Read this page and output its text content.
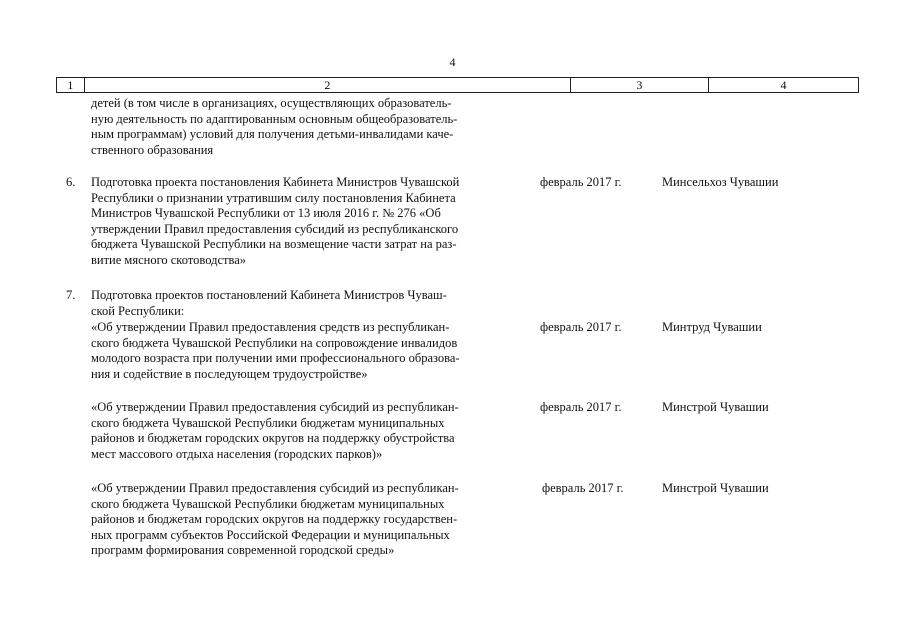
4
1	2	3	4
детей (в том числе в организациях, осуществляющих образователь-
ную деятельность по адаптированным основным общеобразователь-
ным программам) условий для получения детьми-инвалидами каче-
ственного образования
6. Подготовка проекта постановления Кабинета Министров Чувашской
Республики о признании утратившим силу постановления Кабинета
Министров Чувашской Республики от 13 июля 2016 г. № 276 «Об
утверждении Правил предоставления субсидий из республиканского
бюджета Чувашской Республики на возмещение части затрат на раз-
витие мясного скотоводства»
февраль 2017 г.	Минсельхоз Чувашии
7. Подготовка проектов постановлений Кабинета Министров Чуваш-
ской Республики:
«Об утверждении Правил предоставления средств из республикан-
ского бюджета Чувашской Республики на сопровождение инвалидов
молодого возраста при получении ими профессионального образова-
ния и содействие в последующем трудоустройстве»
февраль 2017 г.	Минтруд Чувашии
«Об утверждении Правил предоставления субсидий из республикан-
ского бюджета Чувашской Республики бюджетам муниципальных
районов и бюджетам городских округов на поддержку обустройства
мест массового отдыха населения (городских парков)»
февраль 2017 г.	Минстрой Чувашии
«Об утверждении Правил предоставления субсидий из республикан-
ского бюджета Чувашской Республики бюджетам муниципальных
районов и бюджетам городских округов на поддержку государствен-
ных программ субъектов Российской Федерации и муниципальных
программ формирования современной городской среды»
февраль 2017 г.	Минстрой Чувашии
